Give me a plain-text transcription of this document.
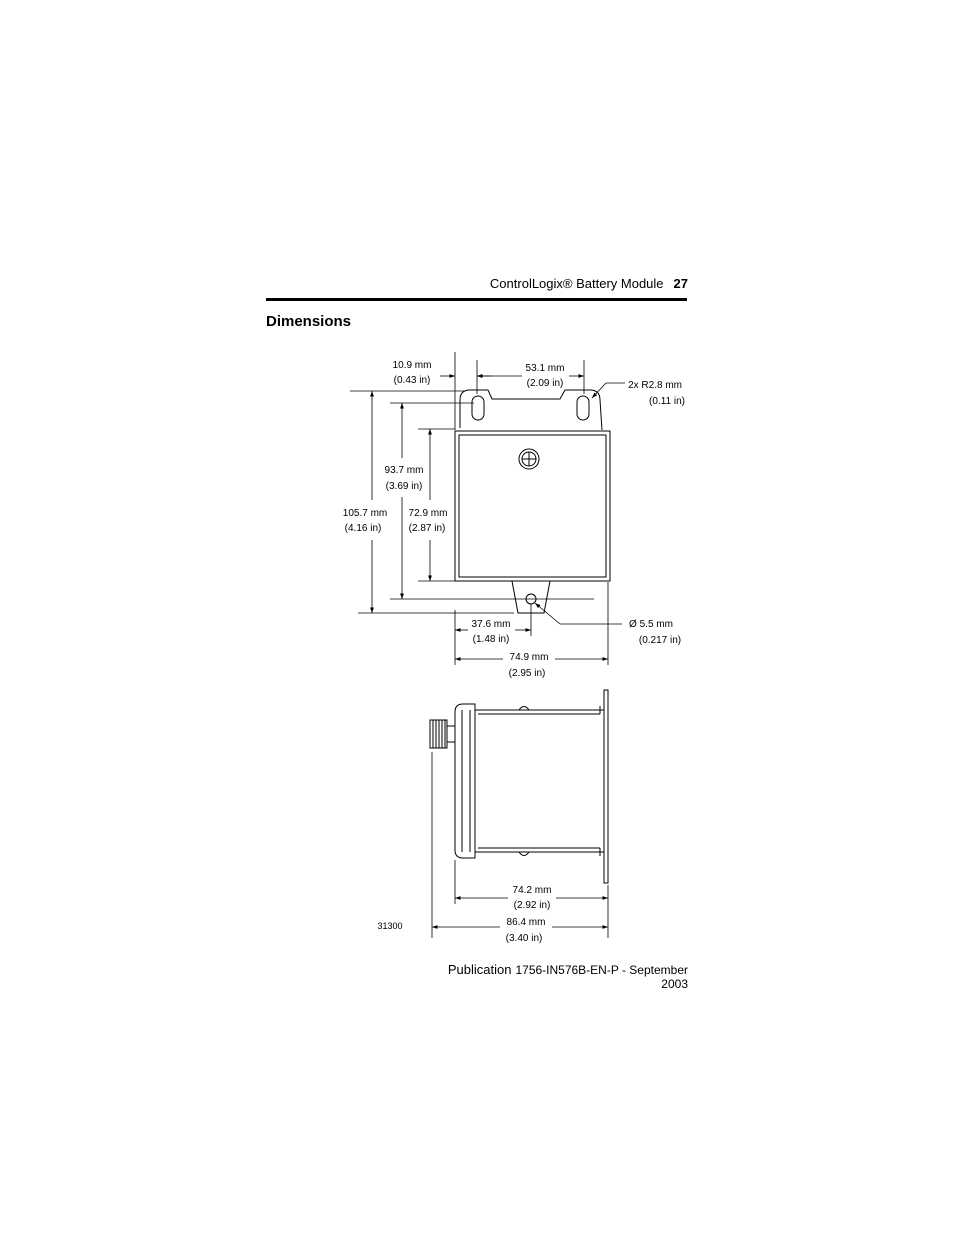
ControlLogix® Battery Module 27
Dimensions
10.9 mm
(0.43 in)
53.1 mm
(2.09 in)	2x R2.8 mm
(0.11 in)
93.7 mm
(3.69 in)
105.7 mm
(4.16 in)
72.9 mm
(2.87 in)
37.6 mm
(1.48 in)
Ø 5.5 mm
(0.217 in)
74.9 mm
(2.95 in)
74.2 mm
(2.92 in)
86.4 mm
(3.40 in)
31300
Publication 1756-IN576B-EN-P - September 2003
